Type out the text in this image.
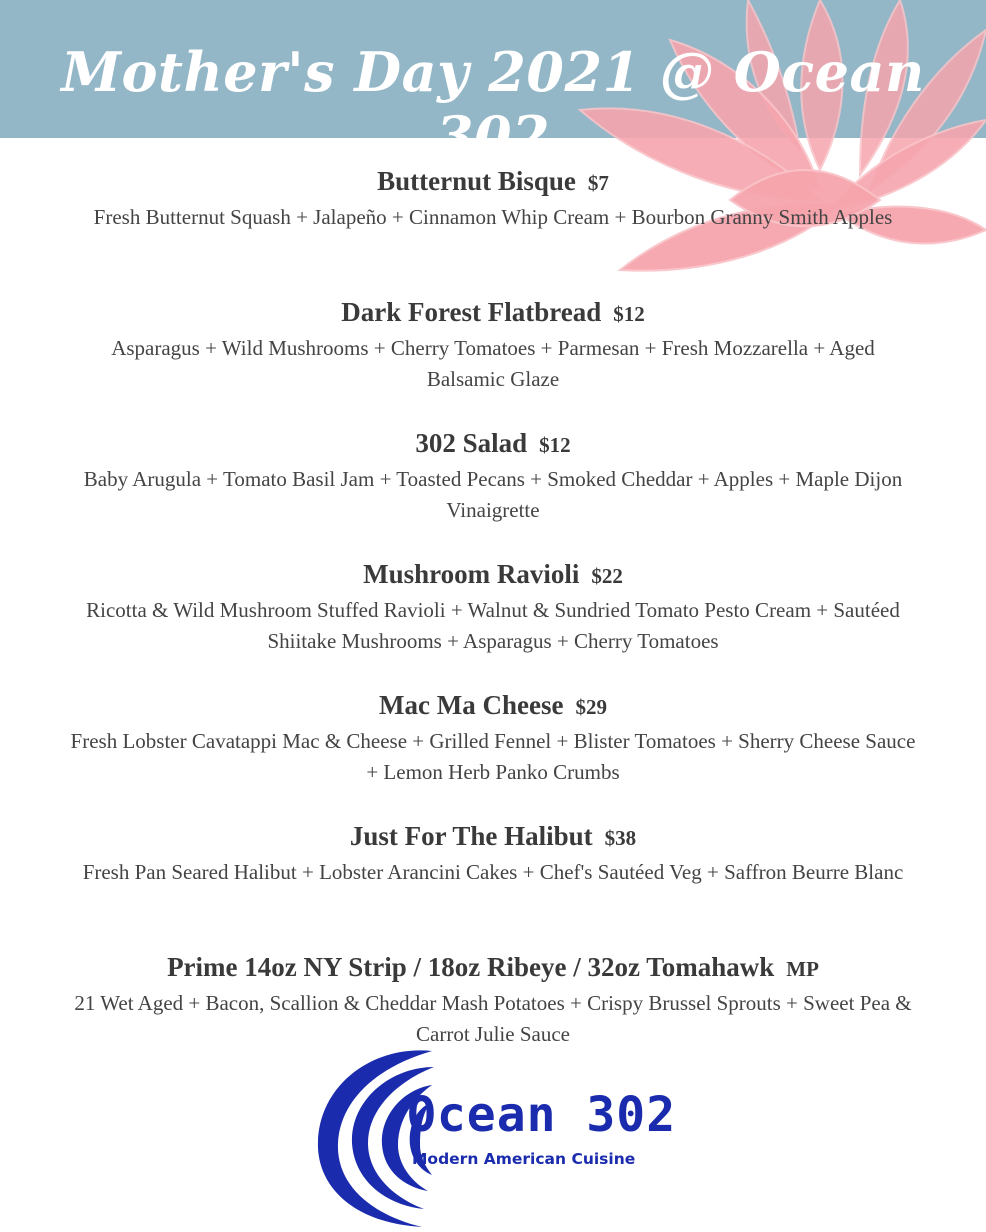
Mother's Day 2021 @ Ocean 302
Butternut Bisque $7
Fresh Butternut Squash + Jalapeño + Cinnamon Whip Cream + Bourbon Granny Smith Apples
Dark Forest Flatbread $12
Asparagus + Wild Mushrooms + Cherry Tomatoes + Parmesan + Fresh Mozzarella + Aged Balsamic Glaze
302 Salad $12
Baby Arugula + Tomato Basil Jam + Toasted Pecans + Smoked Cheddar + Apples + Maple Dijon Vinaigrette
Mushroom Ravioli $22
Ricotta & Wild Mushroom Stuffed Ravioli + Walnut & Sundried Tomato Pesto Cream + Sautéed Shiitake Mushrooms + Asparagus + Cherry Tomatoes
Mac Ma Cheese $29
Fresh Lobster Cavatappi Mac & Cheese + Grilled Fennel + Blister Tomatoes + Sherry Cheese Sauce + Lemon Herb Panko Crumbs
Just For The Halibut $38
Fresh Pan Seared Halibut + Lobster Arancini Cakes + Chef's Sautéed Veg + Saffron Beurre Blanc
Prime 14oz NY Strip / 18oz Ribeye / 32oz Tomahawk MP
21 Wet Aged + Bacon, Scallion & Cheddar Mash Potatoes + Crispy Brussel Sprouts + Sweet Pea & Carrot Julie Sauce
Ocean 302
Modern American Cuisine
